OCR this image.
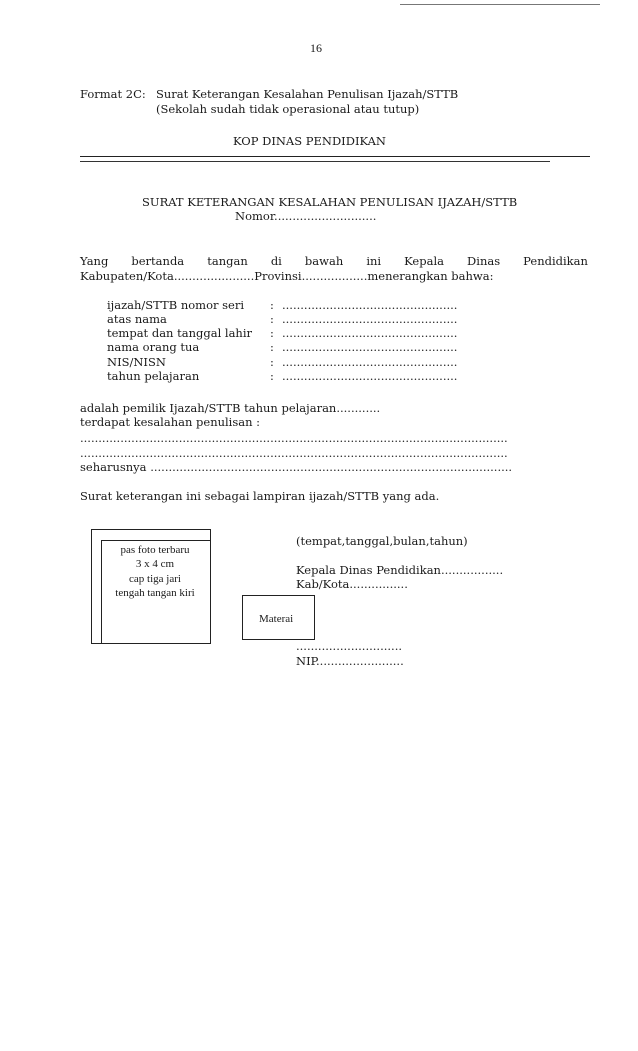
16
Format 2C: Surat Keterangan Kesalahan Penulisan Ijazah/STTB
(Sekolah sudah tidak operasional atau tutup)
KOP DINAS PENDIDIKAN
SURAT KETERANGAN KESALAHAN PENULISAN IJAZAH/STTB
Nomor............................
Yang bertanda tangan di bawah ini Kepala Dinas Pendidikan
Kabupaten/Kota......................Provinsi..................menerangkan bahwa:
ijazah/STTB nomor seri : ................................................
atas nama	: ................................................
tempat dan tanggal lahir : ................................................
nama orang tua	: ................................................
NIS/NISN	: ................................................
tahun pelajaran	: ................................................
adalah pemilik Ijazah/STTB tahun pelajaran............
terdapat kesalahan penulisan :
.....................................................................................................................
.....................................................................................................................
seharusnya ...................................................................................................
Surat keterangan ini sebagai lampiran ijazah/STTB yang ada.
pas foto terbaru
3 x 4 cm
cap tiga jari
tengah tangan kiri
(tempat,tanggal,bulan,tahun)
Kepala Dinas Pendidikan.................
Kab/Kota................
Materai
.............................
NIP........................
